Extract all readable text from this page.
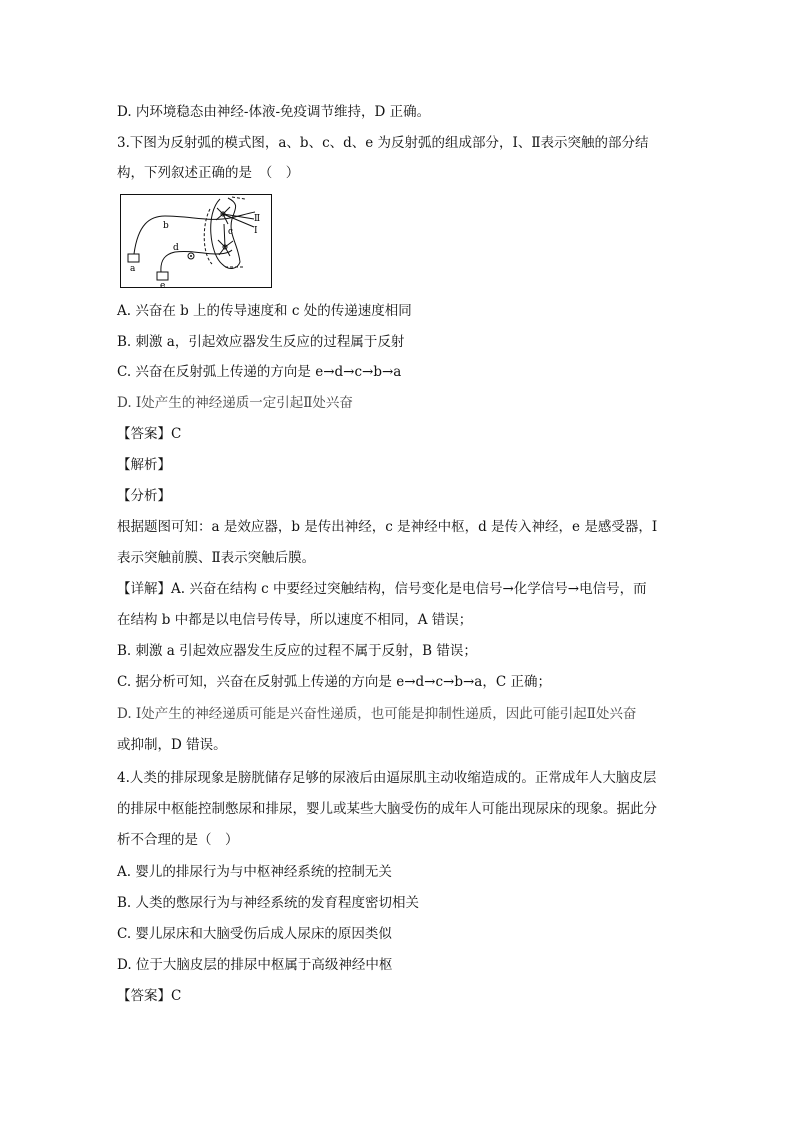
D. 内环境稳态由神经-体液-免疫调节维持，D 正确。
3.下图为反射弧的模式图，a、b、c、d、e 为反射弧的组成部分，Ⅰ、Ⅱ表示突触的部分结
构，下列叙述正确的是　（　）
a
e
b
d
c
Ⅱ
Ⅰ
A. 兴奋在 b 上的传导速度和 c 处的传递速度相同
B. 刺激 a，引起效应器发生反应的过程属于反射
C. 兴奋在反射弧上传递的方向是 e→d→c→b→a
D. Ⅰ处产生的神经递质一定引起Ⅱ处兴奋
【答案】C
【解析】
【分析】
根据题图可知：a 是效应器，b 是传出神经，c 是神经中枢，d 是传入神经，e 是感受器，Ⅰ
表示突触前膜、Ⅱ表示突触后膜。
【详解】A. 兴奋在结构 c 中要经过突触结构，信号变化是电信号→化学信号→电信号，而
在结构 b 中都是以电信号传导，所以速度不相同，A 错误；
B. 刺激 a 引起效应器发生反应的过程不属于反射，B 错误；
C. 据分析可知，兴奋在反射弧上传递的方向是 e→d→c→b→a，C 正确；
D. Ⅰ处产生的神经递质可能是兴奋性递质，也可能是抑制性递质，因此可能引起Ⅱ处兴奋
或抑制，D 错误。
4.人类的排尿现象是膀胱储存足够的尿液后由逼尿肌主动收缩造成的。正常成年人大脑皮层
的排尿中枢能控制憋尿和排尿，婴儿或某些大脑受伤的成年人可能出现尿床的现象。据此分
析不合理的是（　）
A. 婴儿的排尿行为与中枢神经系统的控制无关
B. 人类的憋尿行为与神经系统的发育程度密切相关
C. 婴儿尿床和大脑受伤后成人尿床的原因类似
D. 位于大脑皮层的排尿中枢属于高级神经中枢
【答案】C
